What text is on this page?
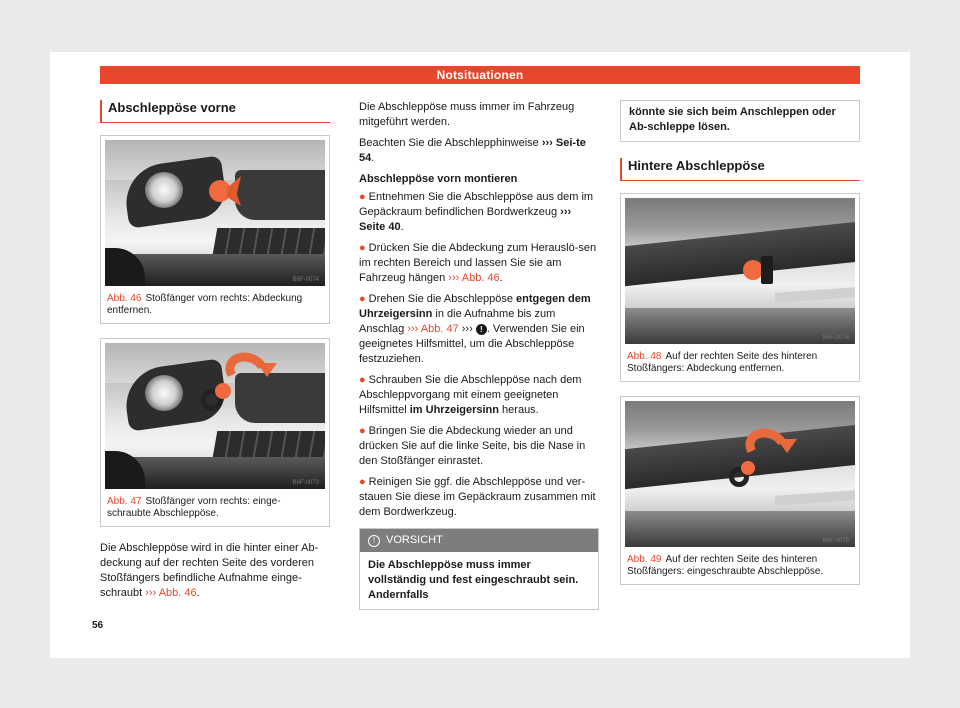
Notsituationen
Abschleppöse vorne
B6F-0074
Abb. 46 Stoßfänger vorn rechts: Abdeckung entfernen.
B6F-0073
Abb. 47 Stoßfänger vorn rechts: einge-schraubte Abschleppöse.

Die Abschleppöse wird in die hinter einer Ab-deckung auf der rechten Seite des vorderen Stoßfängers befindliche Aufnahme einge-schraubt ››› Abb. 46.

Die Abschleppöse muss immer im Fahrzeug mitgeführt werden.

Beachten Sie die Abschlepphinweise ››› Sei-te 54.

Abschleppöse vorn montieren

● Entnehmen Sie die Abschleppöse aus dem im Gepäckraum befindlichen Bordwerkzeug ››› Seite 40.

● Drücken Sie die Abdeckung zum Herauslö-sen im rechten Bereich und lassen Sie sie am Fahrzeug hängen ››› Abb. 46.

● Drehen Sie die Abschleppöse entgegen dem Uhrzeigersinn in die Aufnahme bis zum Anschlag ››› Abb. 47 ››› ! . Verwenden Sie ein geeignetes Hilfsmittel, um die Abschleppöse festzuziehen.

● Schrauben Sie die Abschleppöse nach dem Abschleppvorgang mit einem geeigneten Hilfsmittel im Uhrzeigersinn heraus.

● Bringen Sie die Abdeckung wieder an und drücken Sie auf die linke Seite, bis die Nase in den Stoßfänger einrastet.

● Reinigen Sie ggf. die Abschleppöse und ver-stauen Sie diese im Gepäckraum zusammen mit dem Bordwerkzeug.

! VORSICHT
Die Abschleppöse muss immer vollständig und fest eingeschraubt sein. Andernfalls
könnte sie sich beim Anschleppen oder Ab-schleppe lösen.
Hintere Abschleppöse
B6F-0076
Abb. 48 Auf der rechten Seite des hinteren Stoßfängers: Abdeckung entfernen.
B6F-0075
Abb. 49 Auf der rechten Seite des hinteren Stoßfängers: eingeschraubte Abschleppöse.
56
